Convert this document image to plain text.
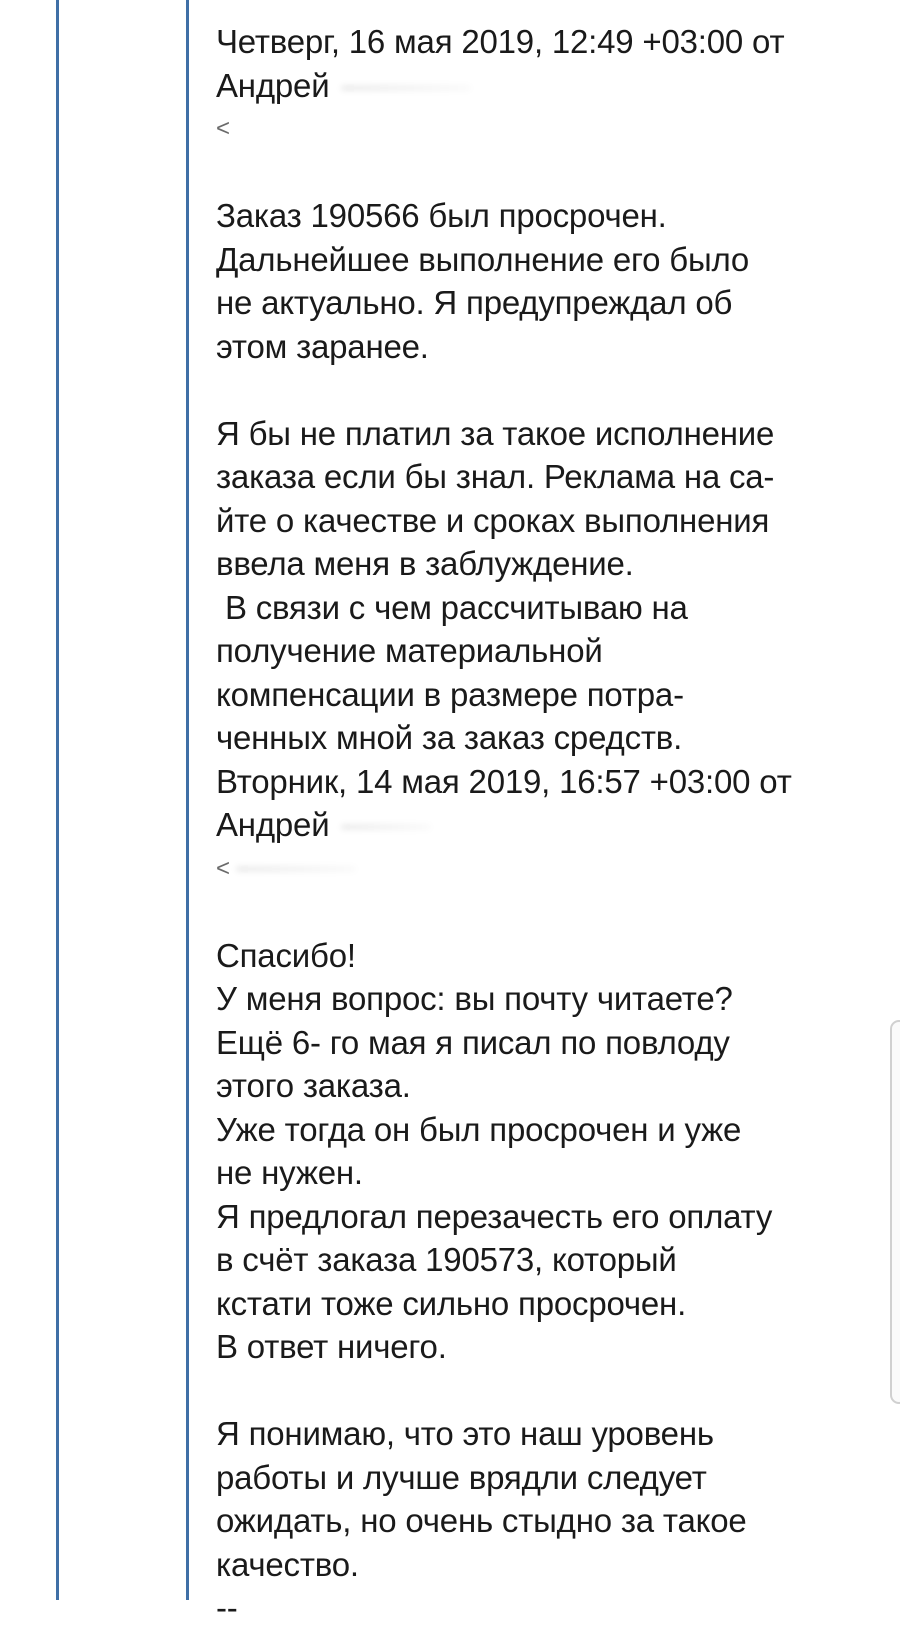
Четверг, 16 мая 2019, 12:49 +03:00 от
Андрей
<
Заказ 190566 был просрочен.
Дальнейшее выполнение его было
не актуально. Я предупреждал об
этом заранее.
Я бы не платил за такое исполнение
заказа если бы знал. Реклама на са-
йте о качестве и сроках выполнения
ввела меня в заблуждение.
В связи с чем рассчитываю на
получение материальной
компенсации в размере потра-
ченных мной за заказ средств.
Вторник, 14 мая 2019, 16:57 +03:00 от
Андрей
<
Спасибо!
У меня вопрос: вы почту читаете?
Ещё 6- го мая я писал по повлоду
этого заказа.
Уже тогда он был просрочен и уже
не нужен.
Я предлогал перезачесть его оплату
в счёт заказа 190573, который
кстати тоже сильно просрочен.
В ответ ничего.
Я понимаю, что это наш уровень
работы и лучше врядли следует
ожидать, но очень стыдно за такое
качество.
--
